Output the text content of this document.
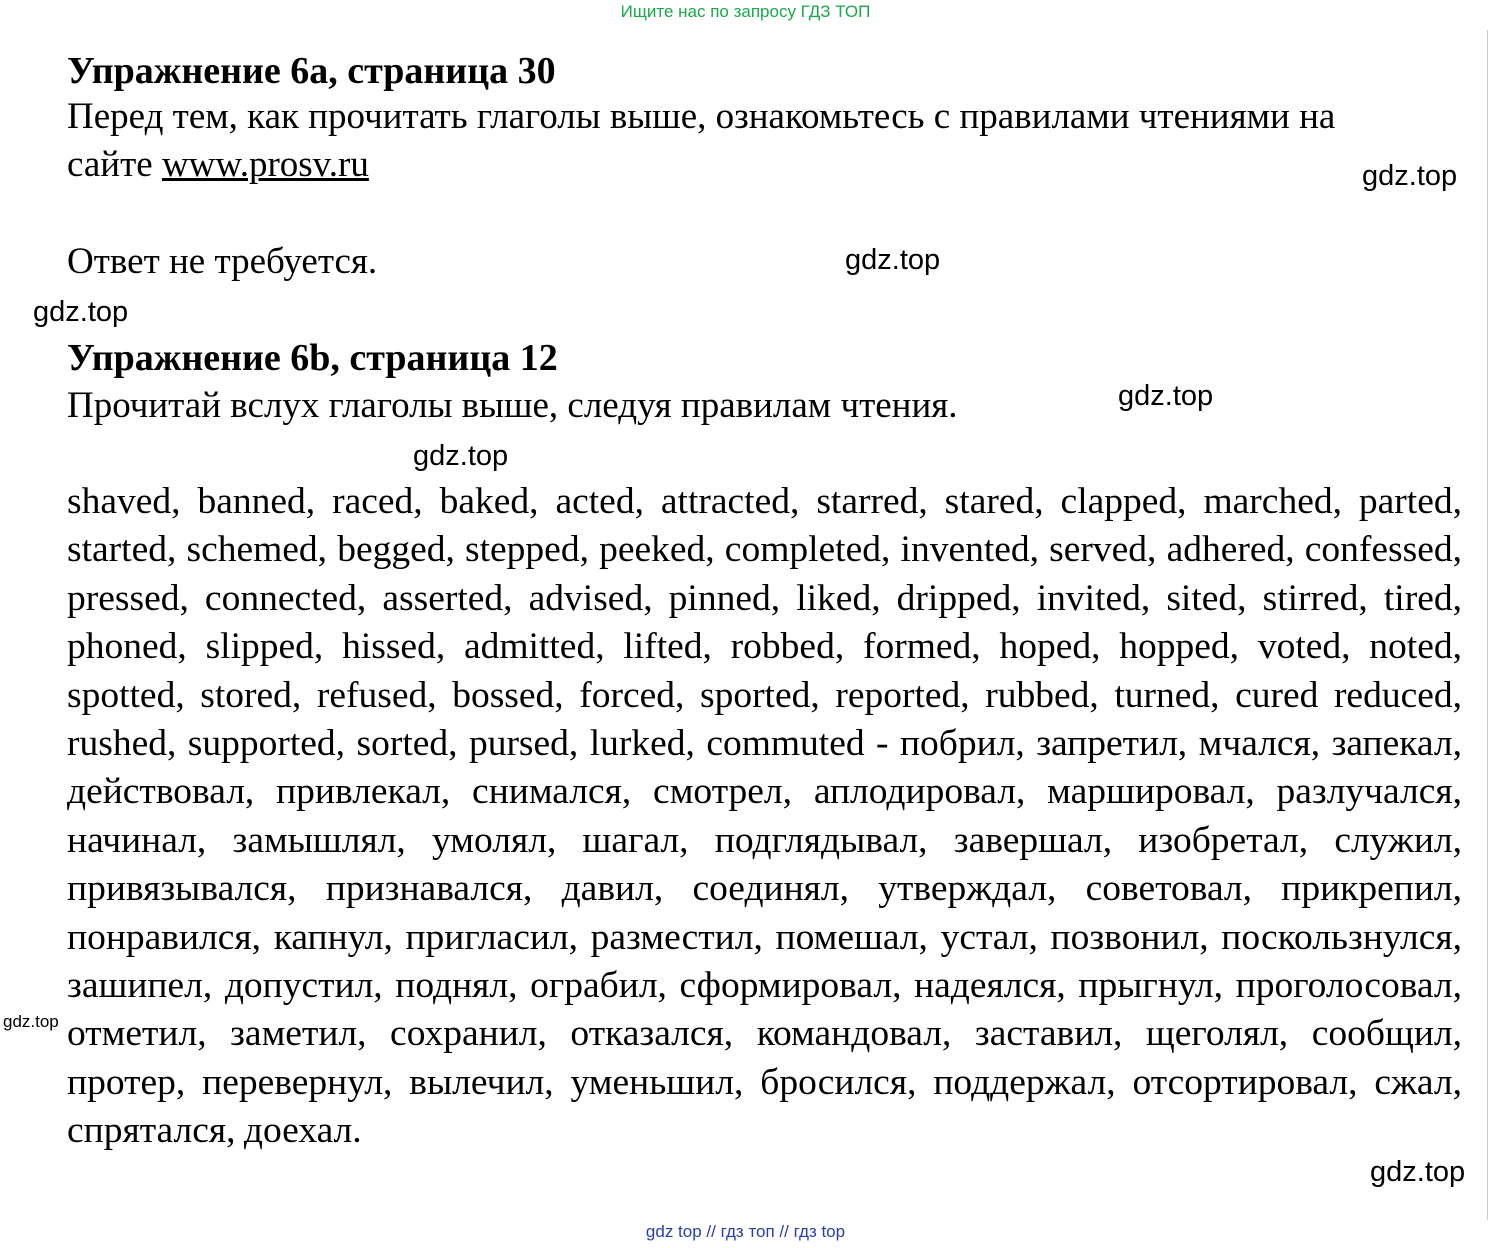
Ищите нас по запросу ГДЗ ТОП
Упражнение 6a, страница 30

Перед тем, как прочитать глаголы выше, ознакомьтесь с правилами чтениями на сайте www.prosv.ru

Ответ не требуется.

Упражнение 6b, страница 12

Прочитай вслух глаголы выше, следуя правилам чтения.

shaved, banned, raced, baked, acted, attracted, starred, stared, clapped, marched, parted, started, schemed, begged, stepped, peeked, completed, invented, served, adhered, confessed, pressed, connected, asserted, advised, pinned, liked, dripped, invited, sited, stirred, tired, phoned, slipped, hissed, admitted, lifted, robbed, formed, hoped, hopped, voted, noted, spotted, stored, refused, bossed, forced, sported, reported, rubbed, turned, cured reduced, rushed, supported, sorted, pursed, lurked, commuted - побрил, запретил, мчался, запекал, действовал, привлекал, снимался, смотрел, аплодировал, маршировал, разлучался, начинал, замышлял, умолял, шагал, подглядывал, завершал, изобретал, служил, привязывался, признавался, давил, соединял, утверждал, советовал, прикрепил, понравился, капнул, пригласил, разместил, помешал, устал, позвонил, поскользнулся, зашипел, допустил, поднял, ограбил, сформировал, надеялся, прыгнул, проголосовал, отметил, заметил, сохранил, отказался, командовал, заставил, щеголял, сообщил, протер, перевернул, вылечил, уменьшил, бросился, поддержал, отсортировал, сжал, спрятался, доехал.

gdz.top
gdz.top
gdz.top
gdz.top
gdz.top
gdz.top
gdz.top
gdz top // гдз топ // гдз top
